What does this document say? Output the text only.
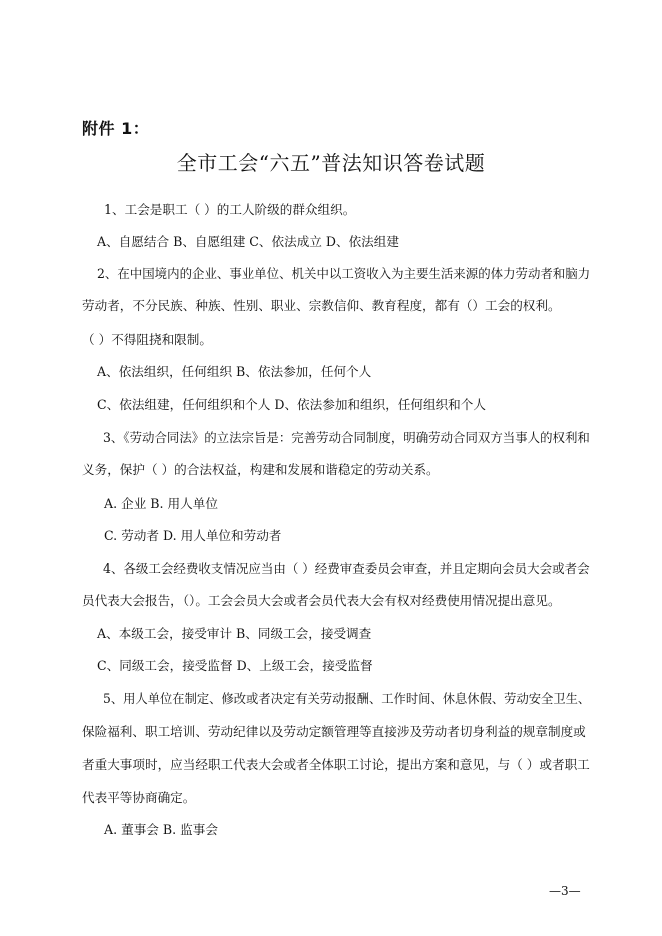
附件 1：
全市工会“六五”普法知识答卷试题
1、工会是职工（ ）的工人阶级的群众组织。
A、自愿结合 B、自愿组建 C、依法成立 D、依法组建
2、在中国境内的企业、事业单位、机关中以工资收入为主要生活来源的体力劳动者和脑力
劳动者，不分民族、种族、性别、职业、宗教信仰、教育程度，都有（）工会的权利。
（ ）不得阻挠和限制。
A、依法组织，任何组织 B、依法参加，任何个人
C、依法组建，任何组织和个人 D、依法参加和组织，任何组织和个人
3、《劳动合同法》的立法宗旨是：完善劳动合同制度，明确劳动合同双方当事人的权利和
义务，保护（ ）的合法权益，构建和发展和谐稳定的劳动关系。
A. 企业 B. 用人单位
C. 劳动者 D. 用人单位和劳动者
4、各级工会经费收支情况应当由（ ）经费审查委员会审查，并且定期向会员大会或者会
员代表大会报告，（）。工会会员大会或者会员代表大会有权对经费使用情况提出意见。
A、本级工会，接受审计 B、同级工会，接受调查
C、同级工会，接受监督 D、上级工会，接受监督
5、用人单位在制定、修改或者决定有关劳动报酬、工作时间、休息休假、劳动安全卫生、
保险福利、职工培训、劳动纪律以及劳动定额管理等直接涉及劳动者切身利益的规章制度或
者重大事项时，应当经职工代表大会或者全体职工讨论，提出方案和意见，与（ ）或者职工
代表平等协商确定。
A. 董事会 B. 监事会
—3—
